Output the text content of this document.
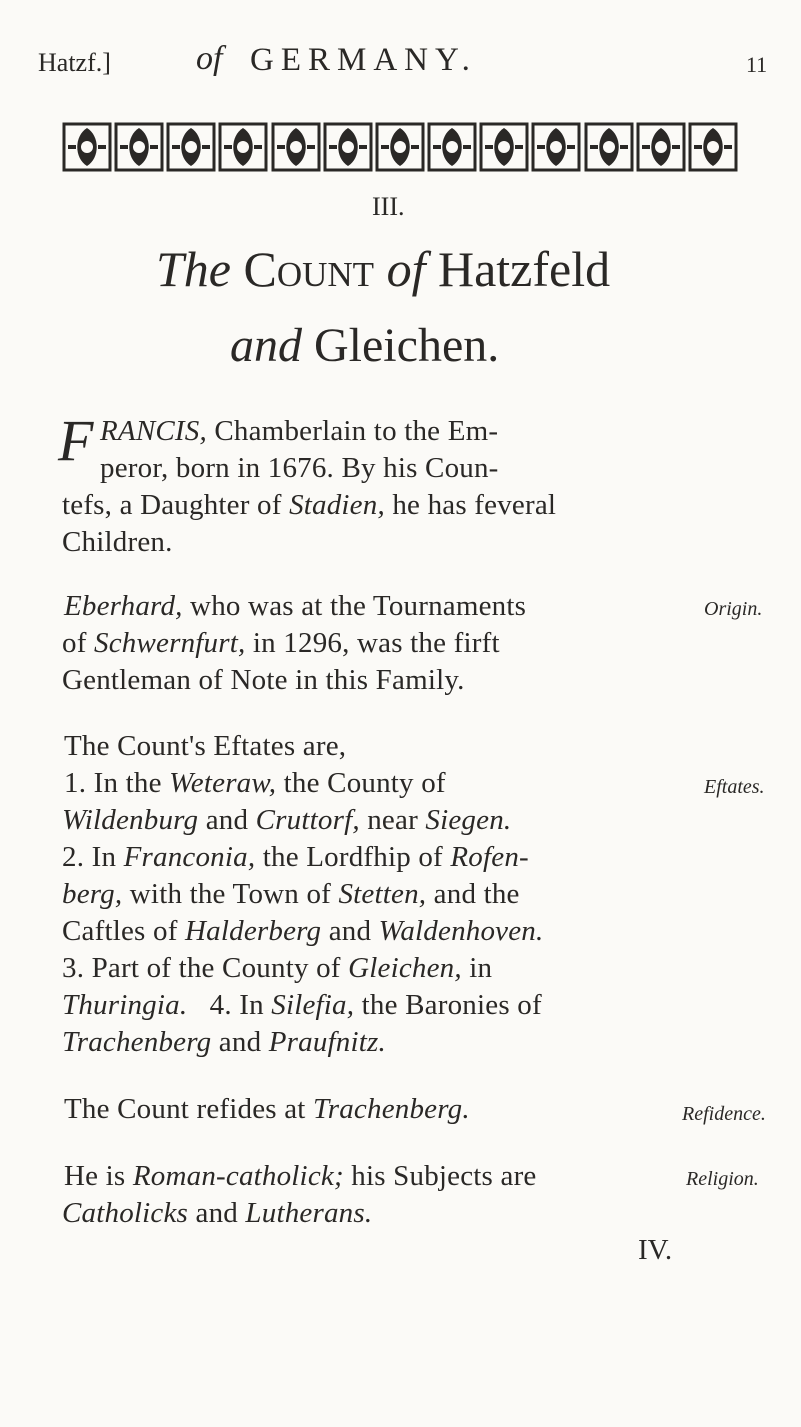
Hatzf.]	of GERMANY.	11
III.
The Count of Hatzfeld
and Gleichen.
F RANCIS, Chamberlain to the Em-
peror, born in 1676. By his Coun-
tefs, a Daughter of Stadien, he has feveral
Children.
Eberhard, who was at the Tournaments
of Schwernfurt, in 1296, was the firft
Gentleman of Note in this Family.
The Count's Eftates are,
1. In the Weteraw, the County of
Wildenburg and Cruttorf, near Siegen.
2. In Franconia, the Lordfhip of Rofen-
berg, with the Town of Stetten, and the
Caftles of Halderberg and Waldenhoven.
3. Part of the County of Gleichen, in
Thuringia.   4. In Silefia, the Baronies of
Trachenberg and Praufnitz.
The Count refides at Trachenberg.
He is Roman-catholick; his Subjects are
Catholicks and Lutherans.
Origin.
Eftates.
Refidence.
Religion.
IV.
